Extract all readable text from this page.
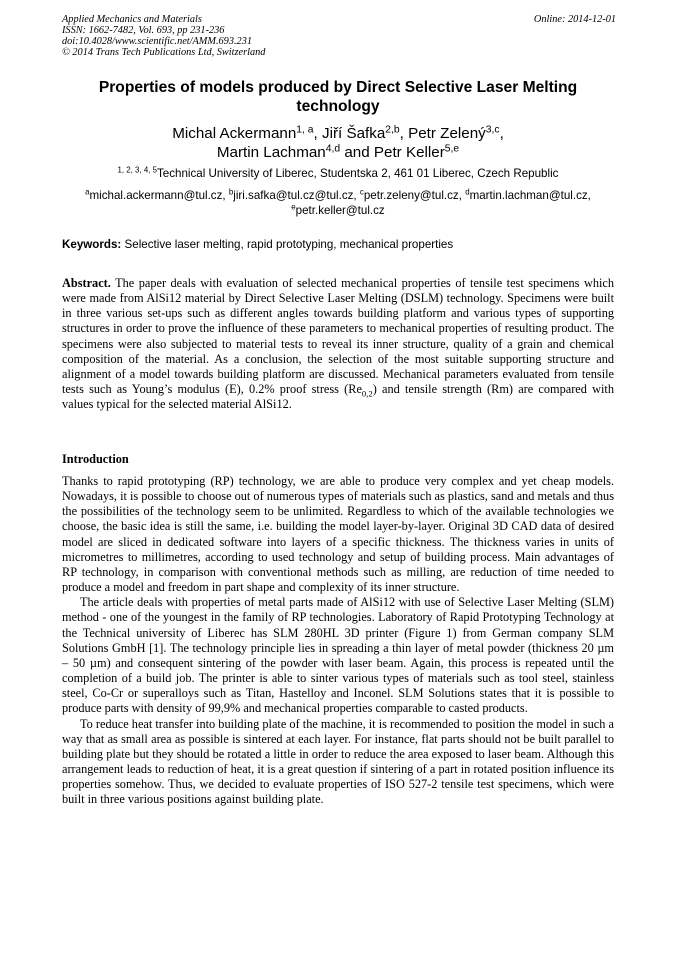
Applied Mechanics and Materials
ISSN: 1662-7482, Vol. 693, pp 231-236
doi:10.4028/www.scientific.net/AMM.693.231
© 2014 Trans Tech Publications Ltd, Switzerland
Online: 2014-12-01
Properties of models produced by Direct Selective Laser Melting technology
Michal Ackermann$^{1, a}$, Jiří Šafka$^{2,b}$, Petr Zelený$^{3,c}$,
Martin Lachman$^{4,d}$ and Petr Keller$^{5,e}$
$^{1, 2, 3, 4, 5}$Technical University of Liberec, Studentska 2, 461 01 Liberec, Czech Republic
$^a$michal.ackermann@tul.cz, $^b$jiri.safka@tul.cz@tul.cz, $^c$petr.zeleny@tul.cz, $^d$martin.lachman@tul.cz,
$^e$petr.keller@tul.cz
Keywords: Selective laser melting, rapid prototyping, mechanical properties
Abstract. The paper deals with evaluation of selected mechanical properties of tensile test specimens which were made from AlSi12 material by Direct Selective Laser Melting (DSLM) technology. Specimens were built in three various set-ups such as different angles towards building platform and various types of supporting structures in order to prove the influence of these parameters to mechanical properties of resulting product. The specimens were also subjected to material tests to reveal its inner structure, quality of a grain and chemical composition of the material. As a conclusion, the selection of the most suitable supporting structure and alignment of a model towards building platform are discussed. Mechanical parameters evaluated from tensile tests such as Young’s modulus (E), 0.2% proof stress $(Re_{0,2})$ and tensile strength (Rm) are compared with values typical for the selected material AlSi12.
Introduction

Thanks to rapid prototyping (RP) technology, we are able to produce very complex and yet cheap models. Nowadays, it is possible to choose out of numerous types of materials such as plastics, sand and metals and thus the possibilities of the technology seem to be unlimited. Regardless to which of the available technologies we choose, the basic idea is still the same, i.e. building the model layer-by-layer. Original 3D CAD data of desired model are sliced in dedicated software into layers of a specific thickness. The thickness varies in units of micrometres to millimetres, according to used technology and setup of building process. Main advantages of RP technology, in comparison with conventional methods such as milling, are reduction of time needed to produce a model and freedom in part shape and complexity of its inner structure.

The article deals with properties of metal parts made of AlSi12 with use of Selective Laser Melting (SLM) method - one of the youngest in the family of RP technologies. Laboratory of Rapid Prototyping Technology at the Technical university of Liberec has SLM 280HL 3D printer (Figure 1) from German company SLM Solutions GmbH [1]. The technology principle lies in spreading a thin layer of metal powder (thickness 20 µm – 50 µm) and consequent sintering of the powder with laser beam. Again, this process is repeated until the completion of a build job. The printer is able to sinter various types of materials such as tool steel, stainless steel, Co-Cr or superalloys such as Titan, Hastelloy and Inconel. SLM Solutions states that it is possible to produce parts with density of 99,9% and mechanical properties comparable to casted products.

To reduce heat transfer into building plate of the machine, it is recommended to position the model in such a way that as small area as possible is sintered at each layer. For instance, flat parts should not be built parallel to building plate but they should be rotated a little in order to reduce the area exposed to laser beam. Although this arrangement leads to reduction of heat, it is a great question if sintering of a part in rotated position influence its properties somehow. Thus, we decided to evaluate properties of ISO 527-2 tensile test specimens, which were built in three various positions against building plate.
